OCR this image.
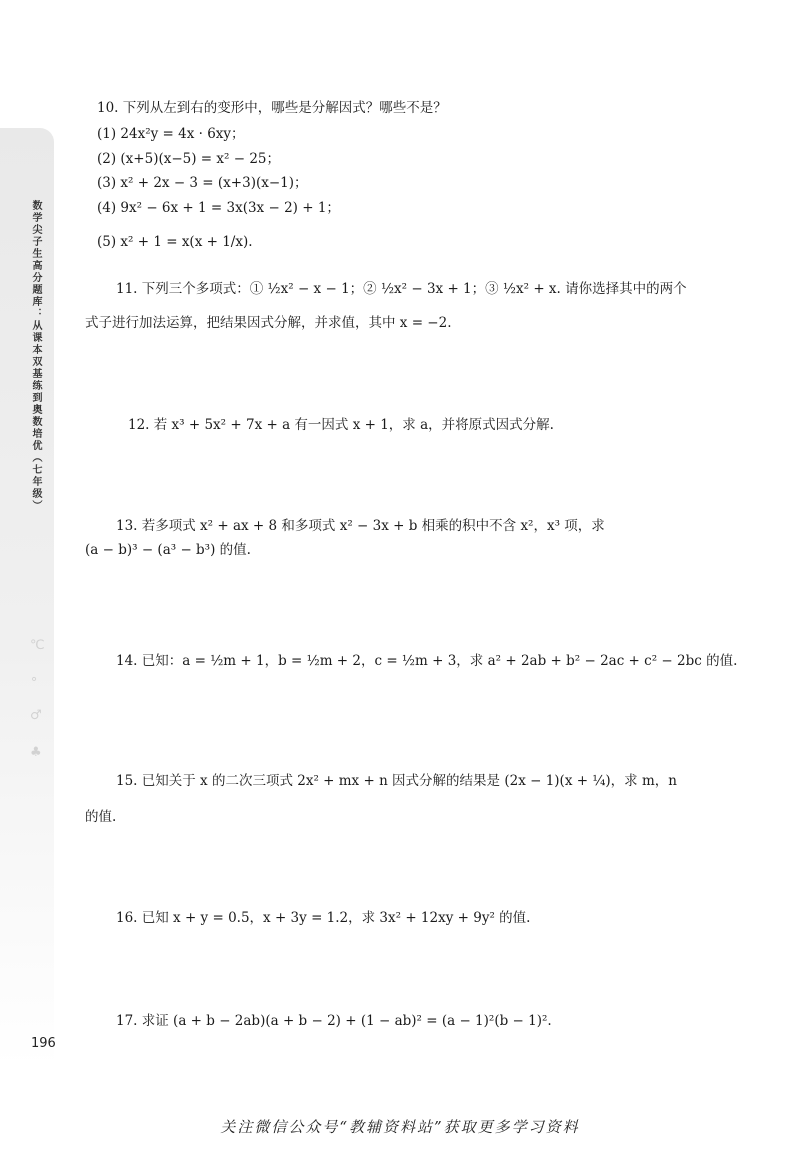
数学尖子生高分题库：从课本双基练到奥数培优（七年级）
℃
∘
♂
♣
196
10. 下列从左到右的变形中，哪些是分解因式？哪些不是？
(1) 24x²y = 4x · 6xy；
(2) (x+5)(x−5) = x² − 25；
(3) x² + 2x − 3 = (x+3)(x−1)；
(4) 9x² − 6x + 1 = 3x(3x − 2) + 1；
(5) x² + 1 = x(x + 1/x).
11. 下列三个多项式：① ½x² − x − 1；② ½x² − 3x + 1；③ ½x² + x. 请你选择其中的两个
式子进行加法运算，把结果因式分解，并求值，其中 x = −2.
12. 若 x³ + 5x² + 7x + a 有一因式 x + 1，求 a，并将原式因式分解.
13. 若多项式 x² + ax + 8 和多项式 x² − 3x + b 相乘的积中不含 x²，x³ 项，求
(a − b)³ − (a³ − b³) 的值.
14. 已知：a = ½m + 1，b = ½m + 2，c = ½m + 3，求 a² + 2ab + b² − 2ac + c² − 2bc 的值.
15. 已知关于 x 的二次三项式 2x² + mx + n 因式分解的结果是 (2x − 1)(x + ¼)，求 m，n
的值.
16. 已知 x + y = 0.5，x + 3y = 1.2，求 3x² + 12xy + 9y² 的值.
17. 求证 (a + b − 2ab)(a + b − 2) + (1 − ab)² = (a − 1)²(b − 1)².
关注微信公众号“教辅资料站”获取更多学习资料
